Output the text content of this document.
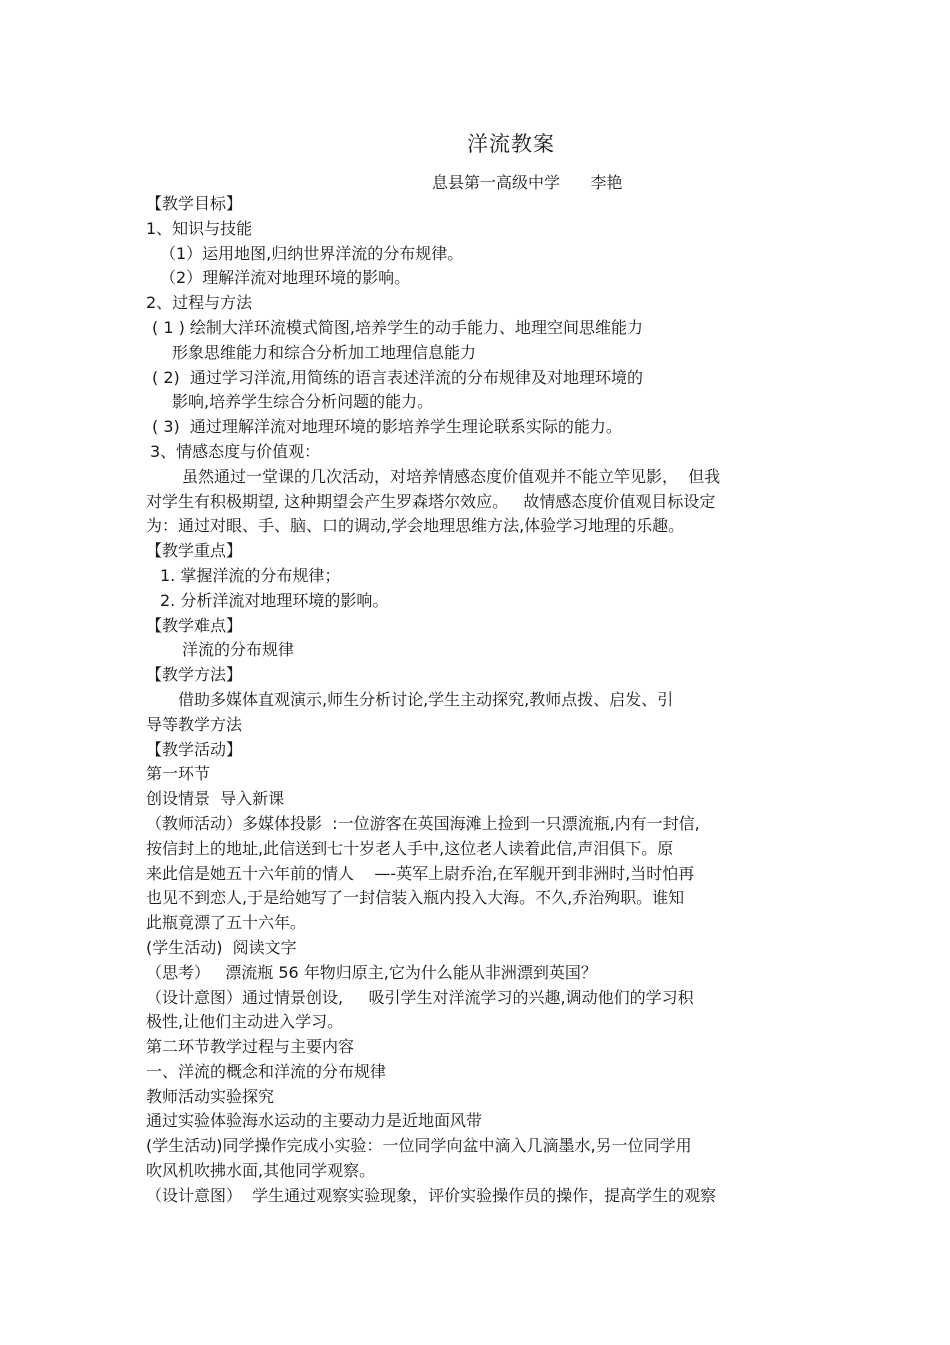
洋流教案
息县第一高级中学      李艳
【教学目标】
1、知识与技能
（1）运用地图,归纳世界洋流的分布规律。
（2）理解洋流对地理环境的影响。
2、过程与方法
( 1 ) 绘制大洋环流模式简图,培养学生的动手能力、地理空间思维能力
形象思维能力和综合分析加工地理信息能力
( 2)  通过学习洋流,用简练的语言表述洋流的分布规律及对地理环境的
影响,培养学生综合分析问题的能力。
( 3)  通过理解洋流对地理环境的影培养学生理论联系实际的能力。
3、情感态度与价值观：
虽然通过一堂课的几次活动，对培养情感态度价值观并不能立竿见影，  但我
对学生有积极期望, 这种期望会产生罗森塔尔效应。   故情感态度价值观目标设定
为：通过对眼、手、脑、口的调动,学会地理思维方法,体验学习地理的乐趣。
【教学重点】
1. 掌握洋流的分布规律；
2. 分析洋流对地理环境的影响。
【教学难点】
洋流的分布规律
【教学方法】
借助多媒体直观演示,师生分析讨论,学生主动探究,教师点拨、启发、引
导等教学方法
【教学活动】
第一环节
创设情景  导入新课
（教师活动）多媒体投影  :一位游客在英国海滩上捡到一只漂流瓶,内有一封信,
按信封上的地址,此信送到七十岁老人手中,这位老人读着此信,声泪俱下。原
来此信是她五十六年前的情人    —-英军上尉乔治,在军舰开到非洲时,当时怕再
也见不到恋人,于是给她写了一封信装入瓶内投入大海。不久,乔治殉职。谁知
此瓶竟漂了五十六年。
(学生活动)  阅读文字
（思考）   漂流瓶 56 年物归原主,它为什么能从非洲漂到英国？
（设计意图）通过情景创设,     吸引学生对洋流学习的兴趣,调动他们的学习积
极性,让他们主动进入学习。
第二环节教学过程与主要内容
一、洋流的概念和洋流的分布规律
教师活动实验探究
通过实验体验海水运动的主要动力是近地面风带
(学生活动)同学操作完成小实验：一位同学向盆中滴入几滴墨水,另一位同学用
吹风机吹拂水面,其他同学观察。
（设计意图）  学生通过观察实验现象，评价实验操作员的操作，提高学生的观察
